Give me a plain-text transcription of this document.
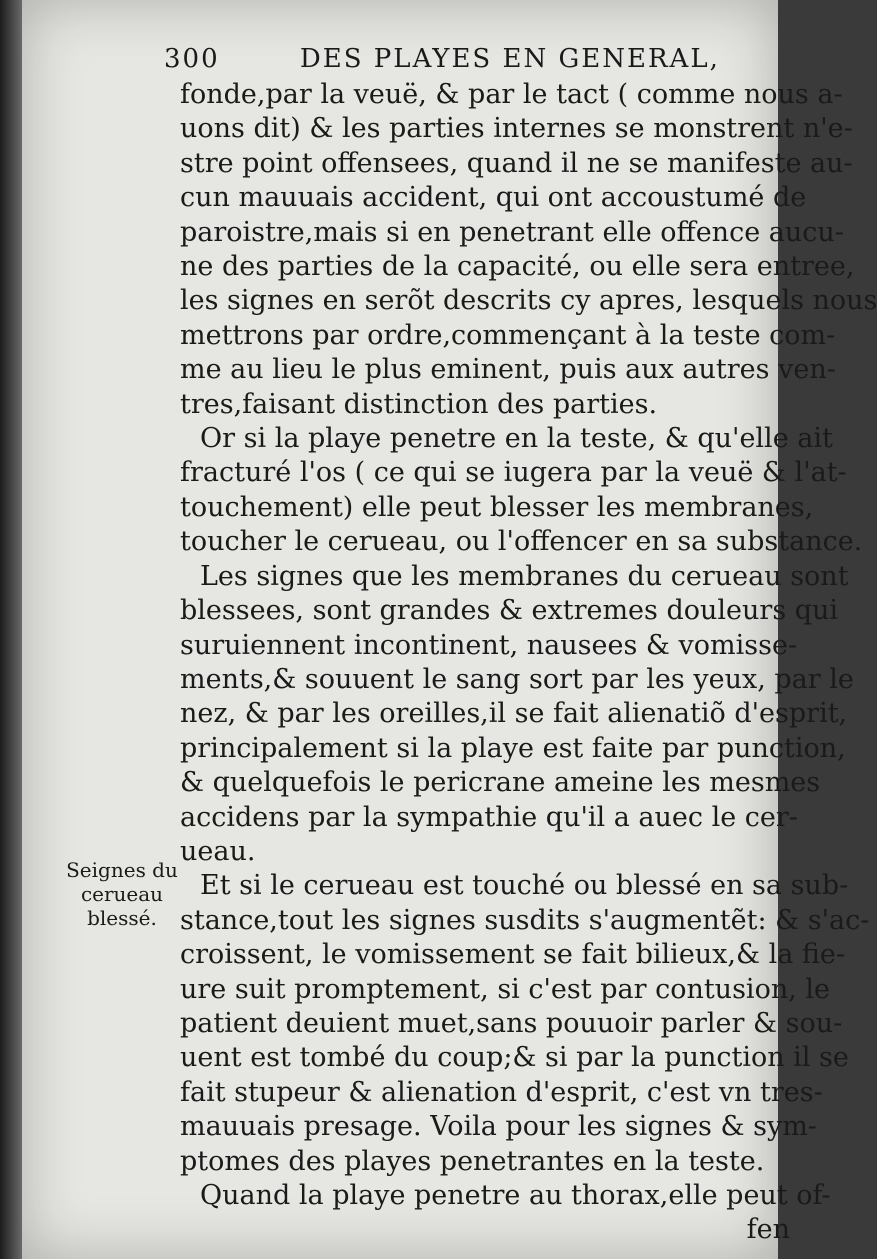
300	DES PLAYES EN GENERAL,
Seignes du
cerueau
blessé.
fonde,par la veuë, & par le tact ( comme nous a-
uons dit) & les parties internes se monstrent n'e-
stre point offensees, quand il ne se manifeste au-
cun mauuais accident, qui ont accoustumé de
paroistre,mais si en penetrant elle offence aucu-
ne des parties de la capacité, ou elle sera entree,
les signes en serõt descrits cy apres, lesquels nous
mettrons par ordre,commençant à la teste com-
me au lieu le plus eminent, puis aux autres ven-
tres,faisant distinction des parties.
Or si la playe penetre en la teste, & qu'elle ait
fracturé l'os ( ce qui se iugera par la veuë & l'at-
touchement) elle peut blesser les membranes,
toucher le cerueau, ou l'offencer en sa substance.
Les signes que les membranes du cerueau sont
blessees, sont grandes & extremes douleurs qui
suruiennent incontinent, nausees & vomisse-
ments,& souuent le sang sort par les yeux, par le
nez, & par les oreilles,il se fait alienatiõ d'esprit,
principalement si la playe est faite par punction,
& quelquefois le pericrane ameine les mesmes
accidens par la sympathie qu'il a auec le cer-
ueau.
Et si le cerueau est touché ou blessé en sa sub-
stance,tout les signes susdits s'augmentẽt: & s'ac-
croissent, le vomissement se fait bilieux,& la fie-
ure suit promptement, si c'est par contusion, le
patient deuient muet,sans pouuoir parler & sou-
uent est tombé du coup;& si par la punction il se
fait stupeur & alienation d'esprit, c'est vn tres-
mauuais presage. Voila pour les signes & sym-
ptomes des playes penetrantes en la teste.
Quand la playe penetre au thorax,elle peut of-
fen
